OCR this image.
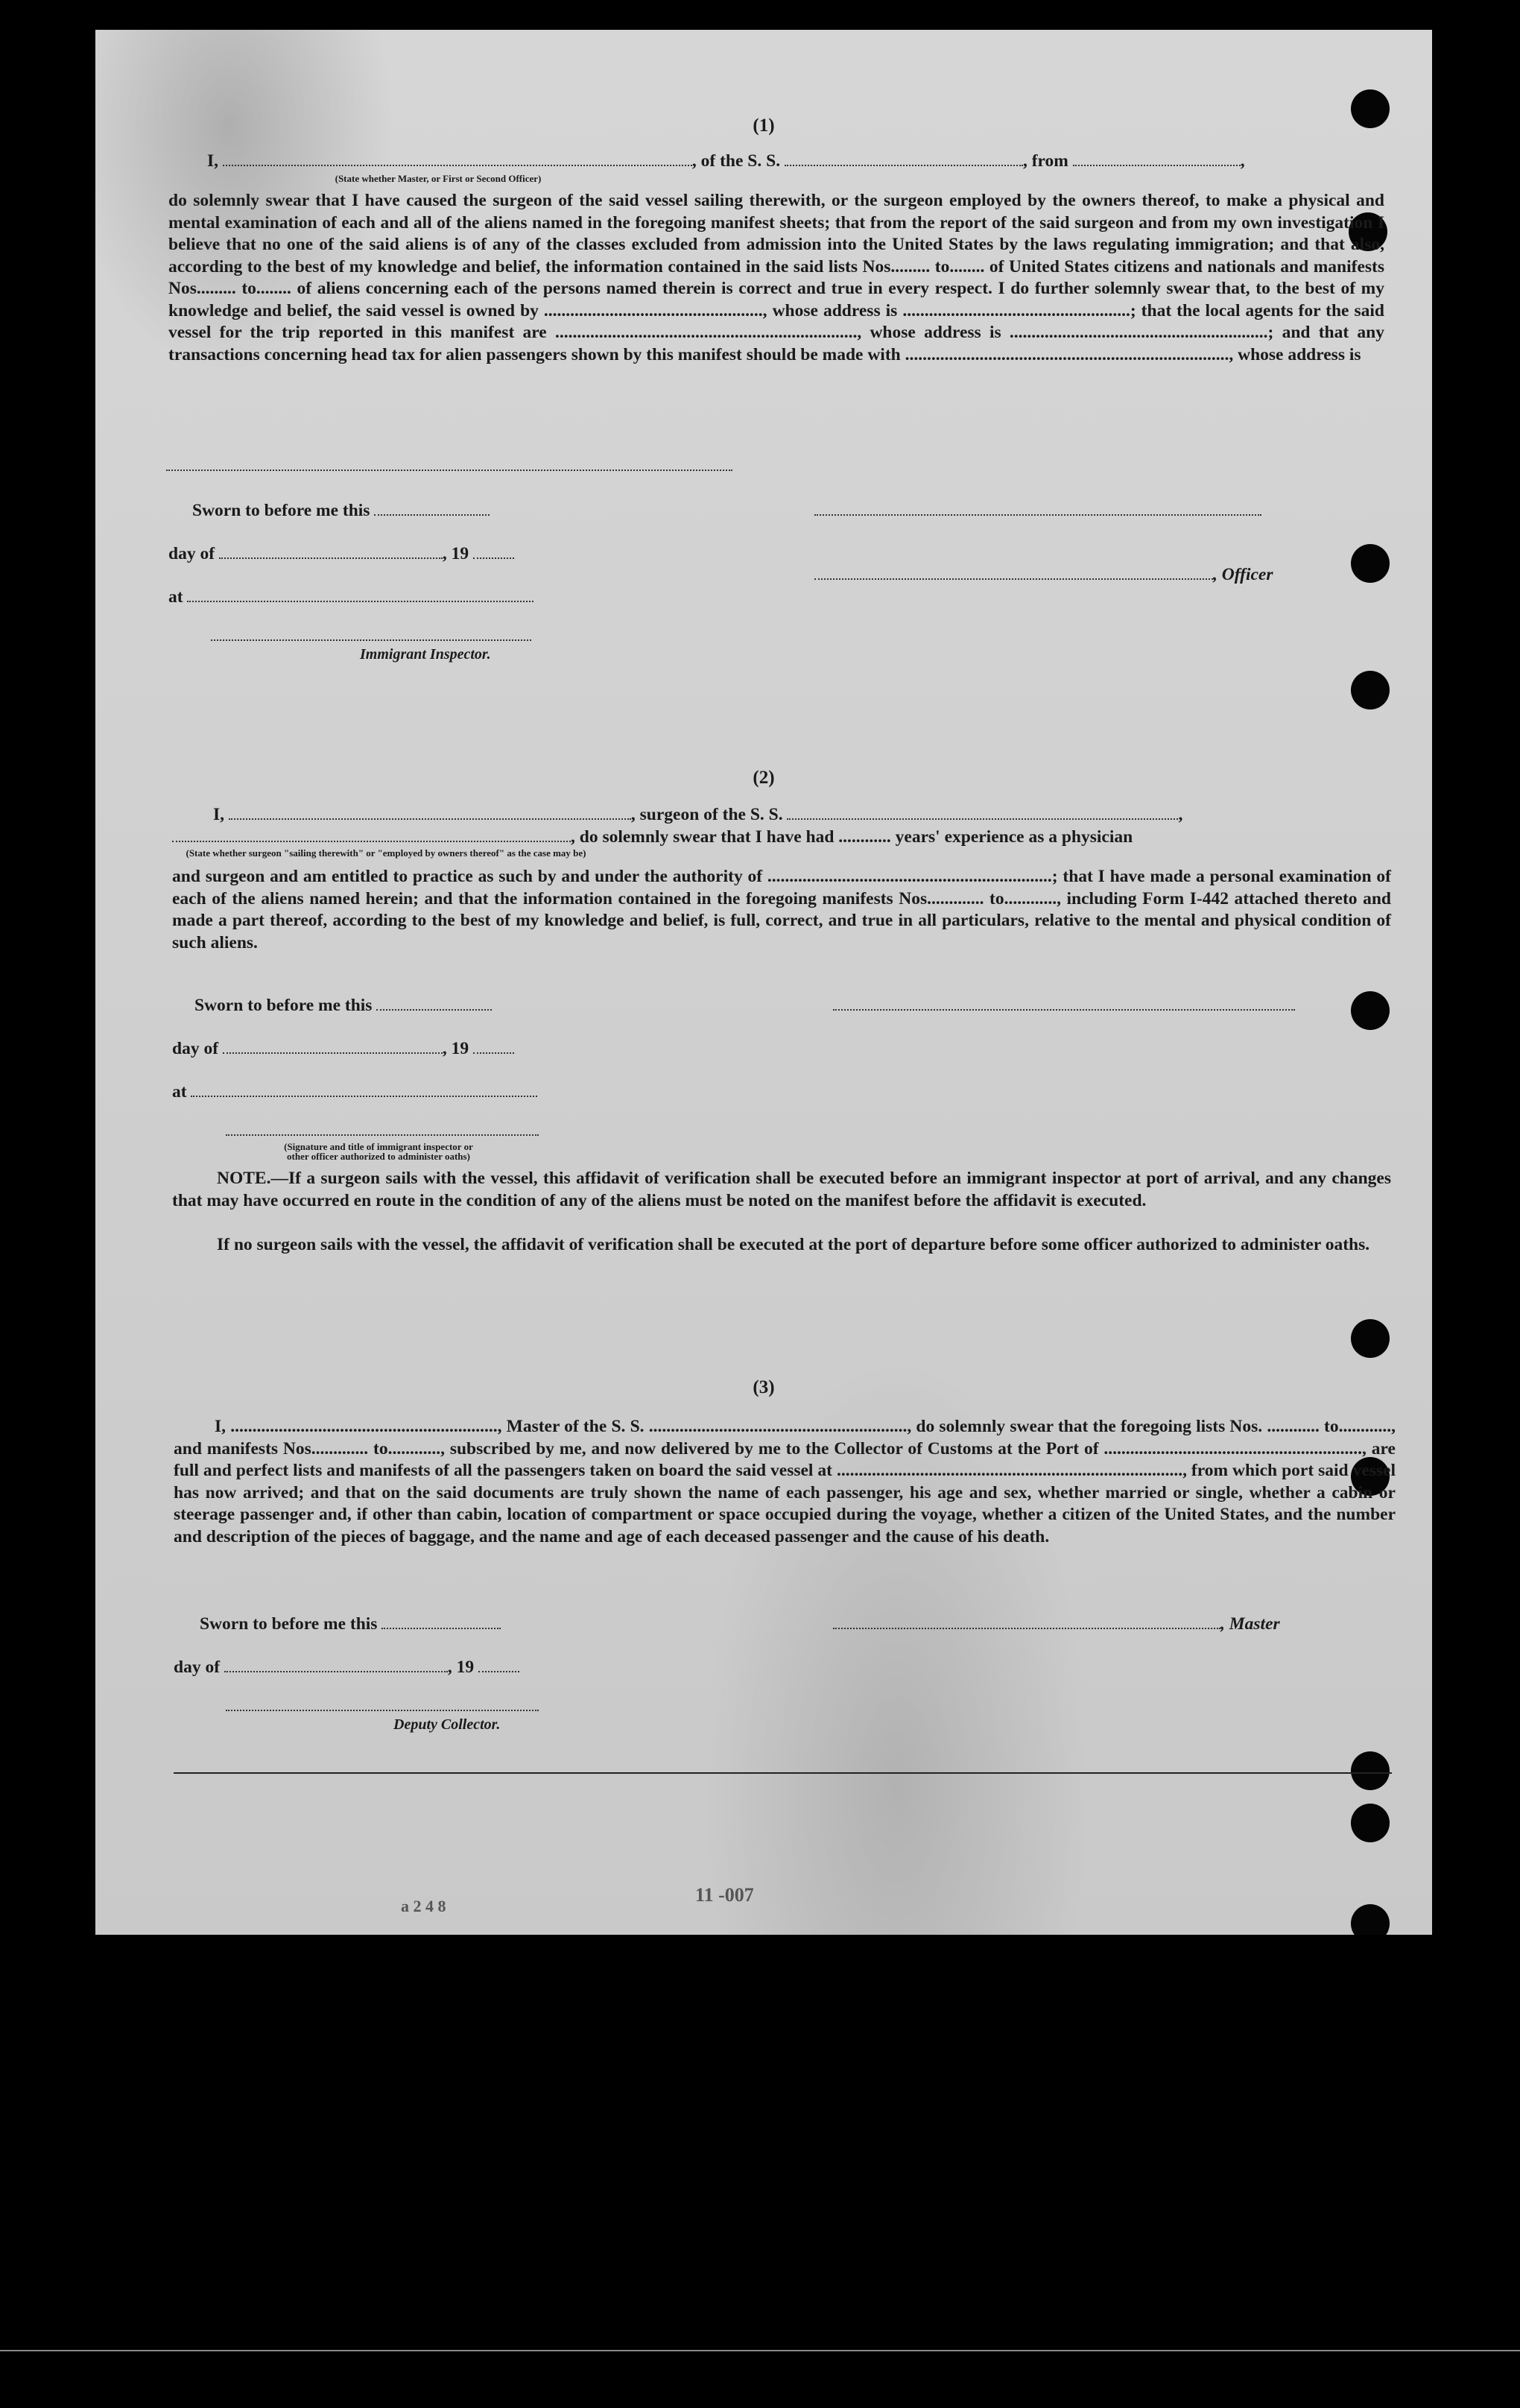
(1)
I,	, of the S. S.	, from	,
(State whether Master, or First or Second Officer)
do solemnly swear that I have caused the surgeon of the said vessel sailing therewith, or the surgeon employed by the owners thereof, to make a physical and mental examination of each and all of the aliens named in the foregoing manifest sheets; that from the report of the said surgeon and from my own investigation I believe that no one of the said aliens is of any of the classes excluded from admission into the United States by the laws regulating immigration; and that also, according to the best of my knowledge and belief, the information contained in the said lists Nos......... to........ of United States citizens and nationals and manifests Nos......... to........ of aliens concerning each of the persons named therein is correct and true in every respect. I do further solemnly swear that, to the best of my knowledge and belief, the said vessel is owned by .................................................., whose address is ....................................................; that the local agents for the said vessel for the trip reported in this manifest are ....................................................................., whose address is ...........................................................; and that any transactions concerning head tax for alien passengers shown by this manifest should be made with .........................................................................., whose address is
Sworn to before me this
day of	, 19
, Officer
at
Immigrant Inspector.
(2)
I,	, surgeon of the S. S.	,
, do solemnly swear that I have had ............ years' experience as a physician
(State whether surgeon "sailing therewith" or "employed by owners thereof" as the case may be)
and surgeon and am entitled to practice as such by and under the authority of .................................................................; that I have made a personal examination of each of the aliens named herein; and that the information contained in the foregoing manifests Nos............. to............, including Form I-442 attached thereto and made a part thereof, according to the best of my knowledge and belief, is full, correct, and true in all particulars, relative to the mental and physical condition of such aliens.
Sworn to before me this
day of	, 19
at
(Signature and title of immigrant inspector or
other officer authorized to administer oaths)
NOTE.—If a surgeon sails with the vessel, this affidavit of verification shall be executed before an immigrant inspector at port of arrival, and any changes that may have occurred en route in the condition of any of the aliens must be noted on the manifest before the affidavit is executed.
If no surgeon sails with the vessel, the affidavit of verification shall be executed at the port of departure before some officer authorized to administer oaths.
(3)
I, ............................................................., Master of the S. S. ..........................................................., do solemnly swear that the foregoing lists Nos. ............ to............, and manifests Nos............. to............, subscribed by me, and now delivered by me to the Collector of Customs at the Port of ..........................................................., are full and perfect lists and manifests of all the passengers taken on board the said vessel at ..............................................................................., from which port said vessel has now arrived; and that on the said documents are truly shown the name of each passenger, his age and sex, whether married or single, whether a cabin or steerage passenger and, if other than cabin, location of compartment or space occupied during the voyage, whether a citizen of the United States, and the number and description of the pieces of baggage, and the name and age of each deceased passenger and the cause of his death.
Sworn to before me this	, Master
day of	, 19
Deputy Collector.
11 -007
a 2 4 8
